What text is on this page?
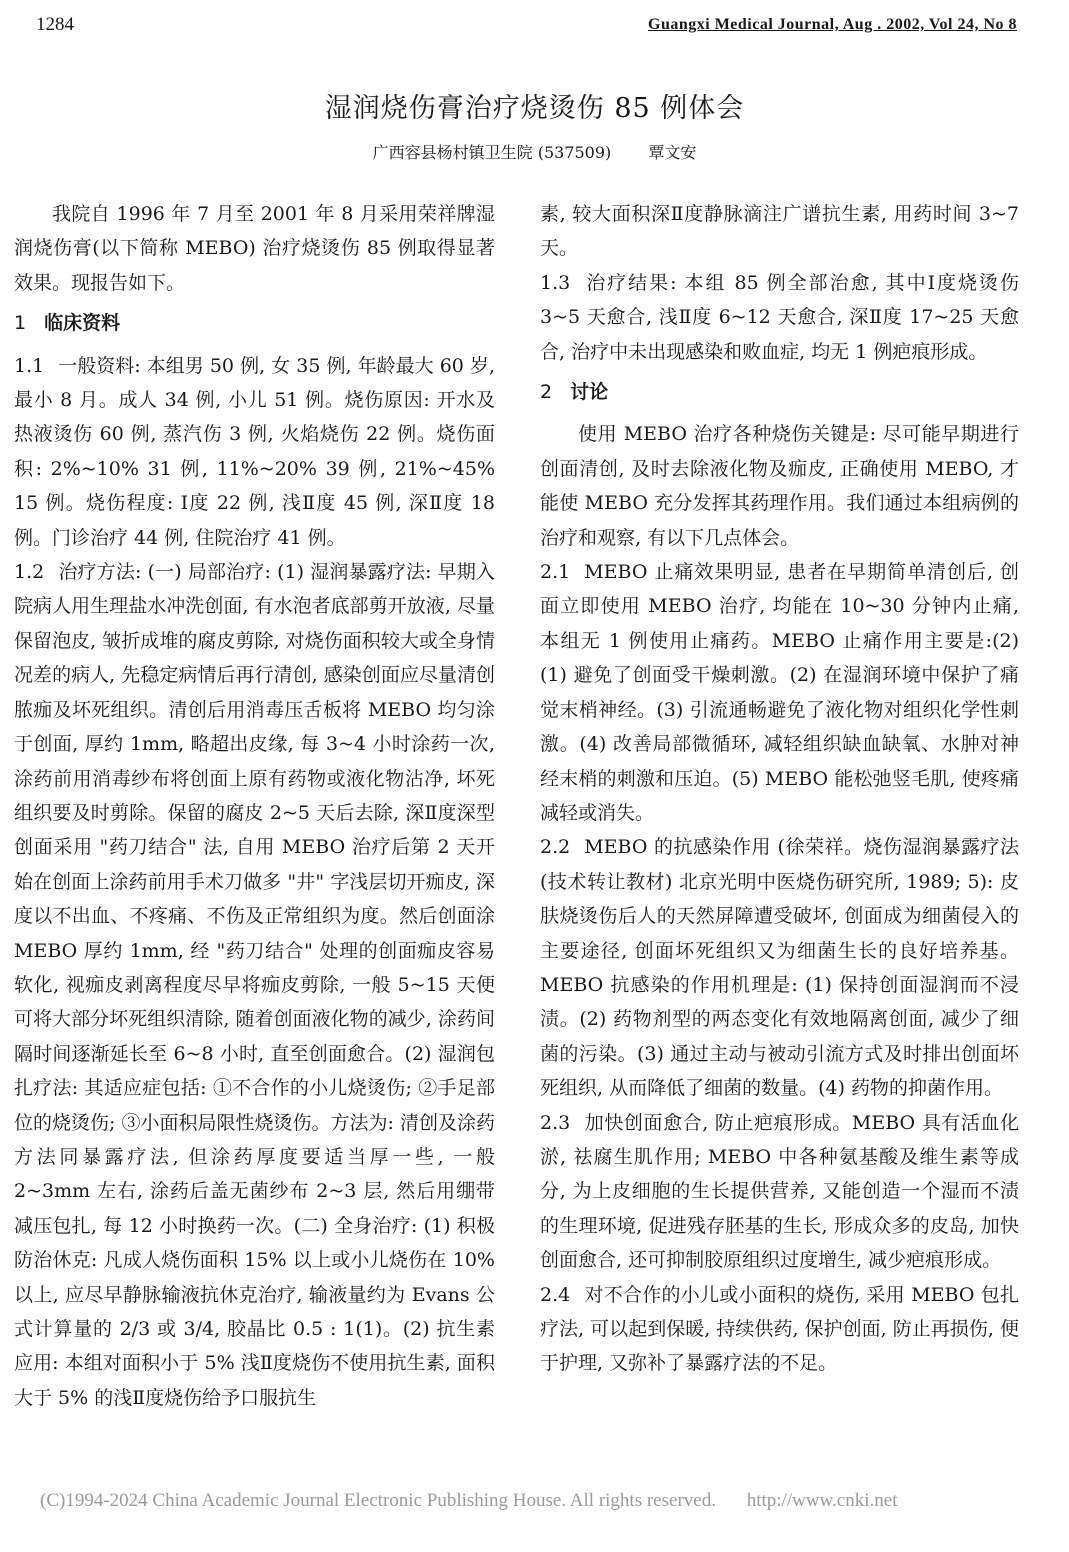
1284	Guangxi Medical Journal, Aug . 2002, Vol 24, No 8
湿润烧伤膏治疗烧烫伤 85 例体会
广西容县杨村镇卫生院 (537509) 覃文安

我院自 1996 年 7 月至 2001 年 8 月采用荣祥牌湿润烧伤膏(以下简称 MEBO) 治疗烧烫伤 85 例取得显著效果。现报告如下。

1 临床资料

1.1 一般资料: 本组男 50 例, 女 35 例, 年龄最大 60 岁, 最小 8 月。成人 34 例, 小儿 51 例。烧伤原因: 开水及热液烫伤 60 例, 蒸汽伤 3 例, 火焰烧伤 22 例。烧伤面积: 2%~10% 31 例, 11%~20% 39 例, 21%~45% 15 例。烧伤程度: Ⅰ度 22 例, 浅Ⅱ度 45 例, 深Ⅱ度 18 例。门诊治疗 44 例, 住院治疗 41 例。

1.2 治疗方法: (一) 局部治疗: (1) 湿润暴露疗法: 早期入院病人用生理盐水冲洗创面, 有水泡者底部剪开放液, 尽量保留泡皮, 皱折成堆的腐皮剪除, 对烧伤面积较大或全身情况差的病人, 先稳定病情后再行清创, 感染创面应尽量清创脓痂及坏死组织。清创后用消毒压舌板将 MEBO 均匀涂于创面, 厚约 1mm, 略超出皮缘, 每 3~4 小时涂药一次, 涂药前用消毒纱布将创面上原有药物或液化物沾净, 坏死组织要及时剪除。保留的腐皮 2~5 天后去除, 深Ⅱ度深型创面采用 "药刀结合" 法, 自用 MEBO 治疗后第 2 天开始在创面上涂药前用手术刀做多 "井" 字浅层切开痂皮, 深度以不出血、不疼痛、不伤及正常组织为度。然后创面涂 MEBO 厚约 1mm, 经 "药刀结合" 处理的创面痂皮容易软化, 视痂皮剥离程度尽早将痂皮剪除, 一般 5~15 天便可将大部分坏死组织清除, 随着创面液化物的减少, 涂药间隔时间逐渐延长至 6~8 小时, 直至创面愈合。(2) 湿润包扎疗法: 其适应症包括: ①不合作的小儿烧烫伤; ②手足部位的烧烫伤; ③小面积局限性烧烫伤。方法为: 清创及涂药方法同暴露疗法, 但涂药厚度要适当厚一些, 一般 2~3mm 左右, 涂药后盖无菌纱布 2~3 层, 然后用绷带减压包扎, 每 12 小时换药一次。(二) 全身治疗: (1) 积极防治休克: 凡成人烧伤面积 15% 以上或小儿烧伤在 10% 以上, 应尽早静脉输液抗休克治疗, 输液量约为 Evans 公式计算量的 2/3 或 3/4, 胶晶比 0.5 : 1(1)。(2) 抗生素应用: 本组对面积小于 5% 浅Ⅱ度烧伤不使用抗生素, 面积大于 5% 的浅Ⅱ度烧伤给予口服抗生

素, 较大面积深Ⅱ度静脉滴注广谱抗生素, 用药时间 3~7 天。

1.3 治疗结果: 本组 85 例全部治愈, 其中Ⅰ度烧烫伤 3~5 天愈合, 浅Ⅱ度 6~12 天愈合, 深Ⅱ度 17~25 天愈合, 治疗中未出现感染和败血症, 均无 1 例疤痕形成。

2 讨论

使用 MEBO 治疗各种烧伤关键是: 尽可能早期进行创面清创, 及时去除液化物及痂皮, 正确使用 MEBO, 才能使 MEBO 充分发挥其药理作用。我们通过本组病例的治疗和观察, 有以下几点体会。

2.1 MEBO 止痛效果明显, 患者在早期简单清创后, 创面立即使用 MEBO 治疗, 均能在 10~30 分钟内止痛, 本组无 1 例使用止痛药。MEBO 止痛作用主要是:(2) (1) 避免了创面受干燥刺激。(2) 在湿润环境中保护了痛觉末梢神经。(3) 引流通畅避免了液化物对组织化学性刺激。(4) 改善局部微循环, 减轻组织缺血缺氧、水肿对神经末梢的刺激和压迫。(5) MEBO 能松弛竖毛肌, 使疼痛减轻或消失。

2.2 MEBO 的抗感染作用 (徐荣祥。烧伤湿润暴露疗法 (技术转让教材) 北京光明中医烧伤研究所, 1989; 5): 皮肤烧烫伤后人的天然屏障遭受破坏, 创面成为细菌侵入的主要途径, 创面坏死组织又为细菌生长的良好培养基。MEBO 抗感染的作用机理是: (1) 保持创面湿润而不浸渍。(2) 药物剂型的两态变化有效地隔离创面, 减少了细菌的污染。(3) 通过主动与被动引流方式及时排出创面坏死组织, 从而降低了细菌的数量。(4) 药物的抑菌作用。

2.3 加快创面愈合, 防止疤痕形成。MEBO 具有活血化淤, 祛腐生肌作用; MEBO 中各种氨基酸及维生素等成分, 为上皮细胞的生长提供营养, 又能创造一个湿而不渍的生理环境, 促进残存胚基的生长, 形成众多的皮岛, 加快创面愈合, 还可抑制胶原组织过度增生, 减少疤痕形成。

2.4 对不合作的小儿或小面积的烧伤, 采用 MEBO 包扎疗法, 可以起到保暖, 持续供药, 保护创面, 防止再损伤, 便于护理, 又弥补了暴露疗法的不足。

(C)1994-2024 China Academic Journal Electronic Publishing House. All rights reserved. http://www.cnki.net
